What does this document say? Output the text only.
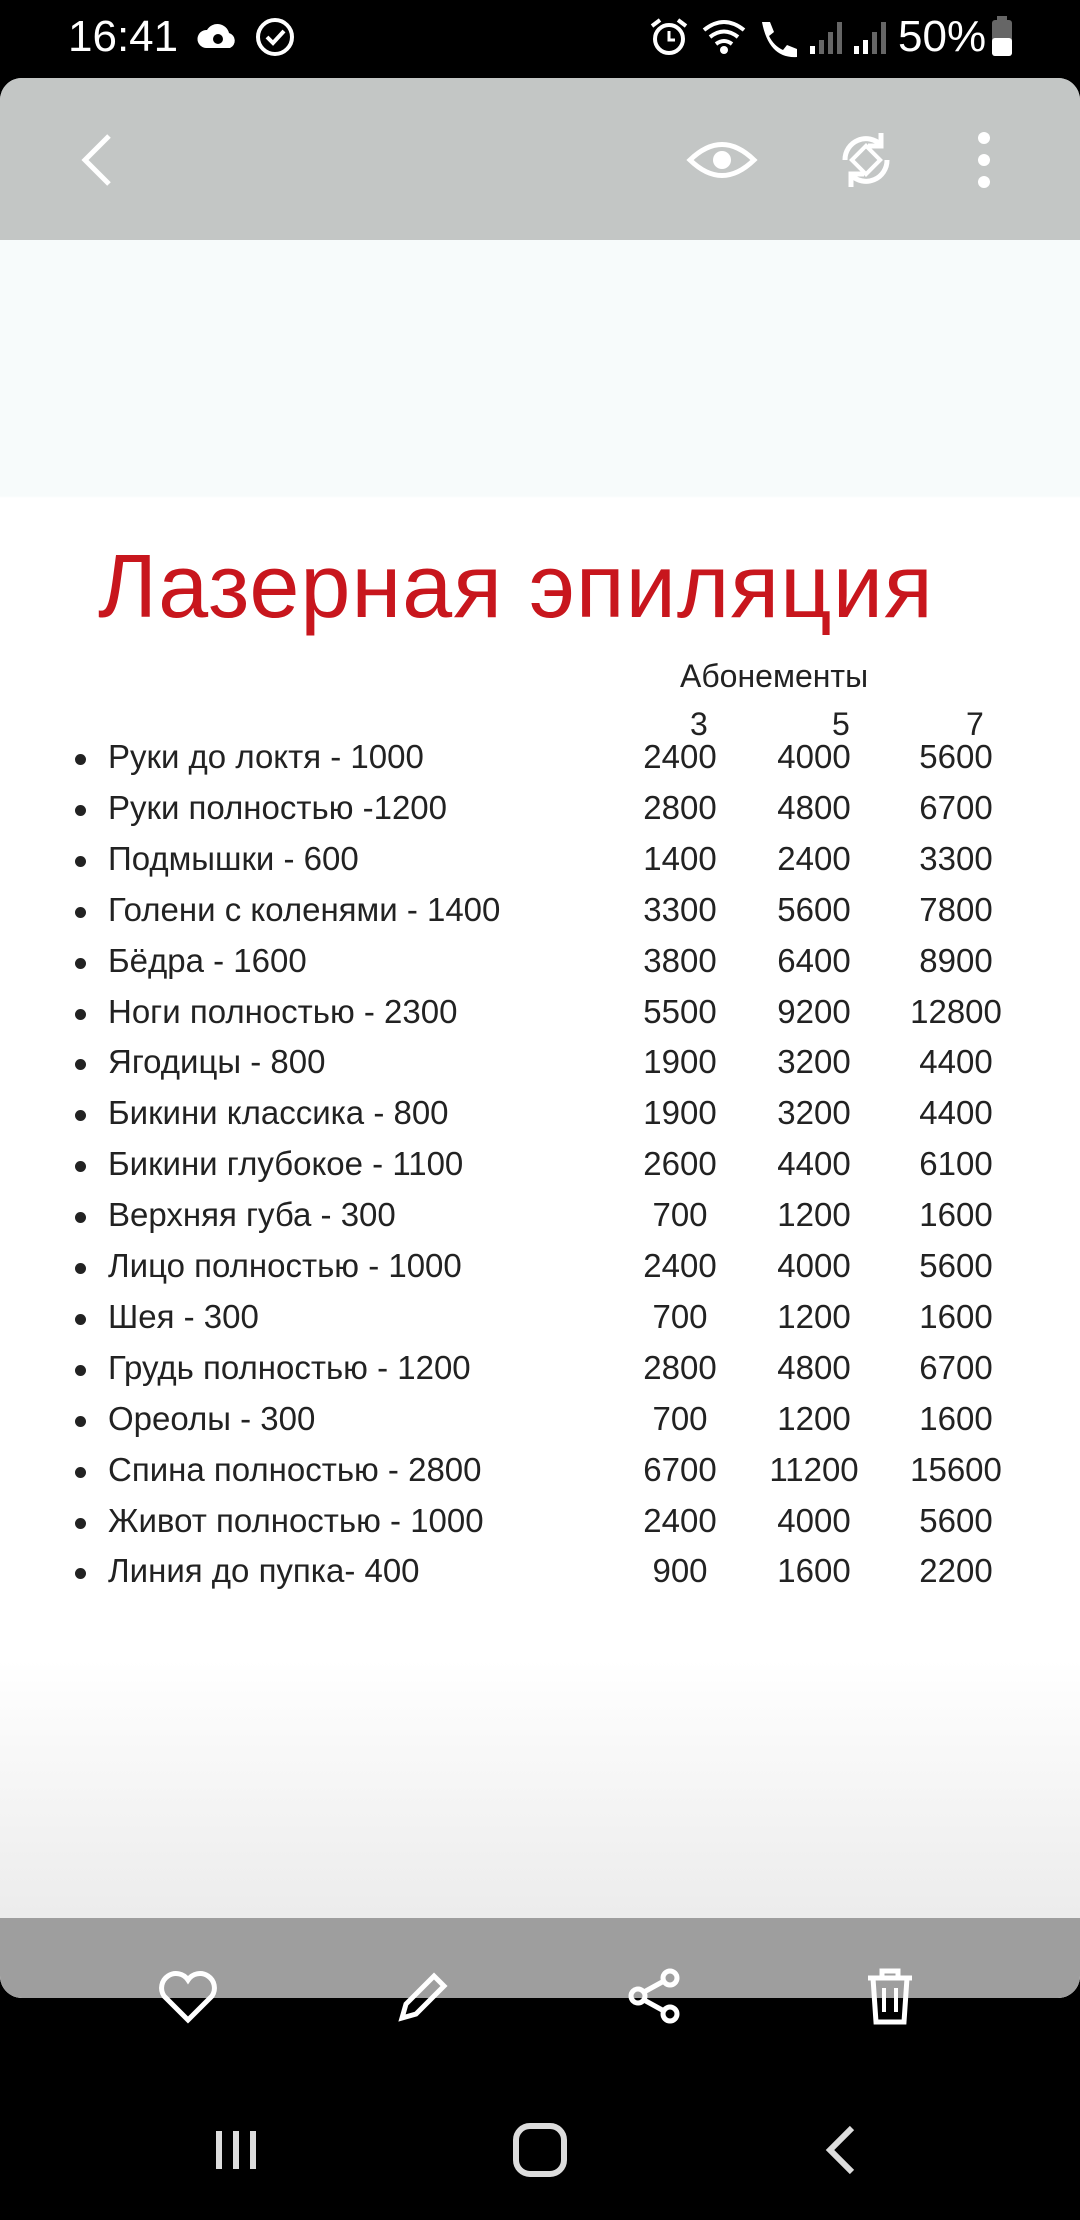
16:41	50%
Лазерная эпиляция
Абонементы
3	5	7
Руки до локтя - 1000	2400	4000	5600
Руки полностью -1200	2800	4800	6700
Подмышки - 600	1400	2400	3300
Голени с коленями - 1400	3300	5600	7800
Бёдра - 1600	3800	6400	8900
Ноги полностью - 2300	5500	9200	12800
Ягодицы - 800	1900	3200	4400
Бикини классика - 800	1900	3200	4400
Бикини глубокое - 1100	2600	4400	6100
Верхняя губа - 300	700	1200	1600
Лицо полностью - 1000	2400	4000	5600
Шея - 300	700	1200	1600
Грудь полностью - 1200	2800	4800	6700
Ореолы - 300	700	1200	1600
Спина полностью - 2800	6700	11200	15600
Живот полностью - 1000	2400	4000	5600
Линия до пупка- 400	900	1600	2200
